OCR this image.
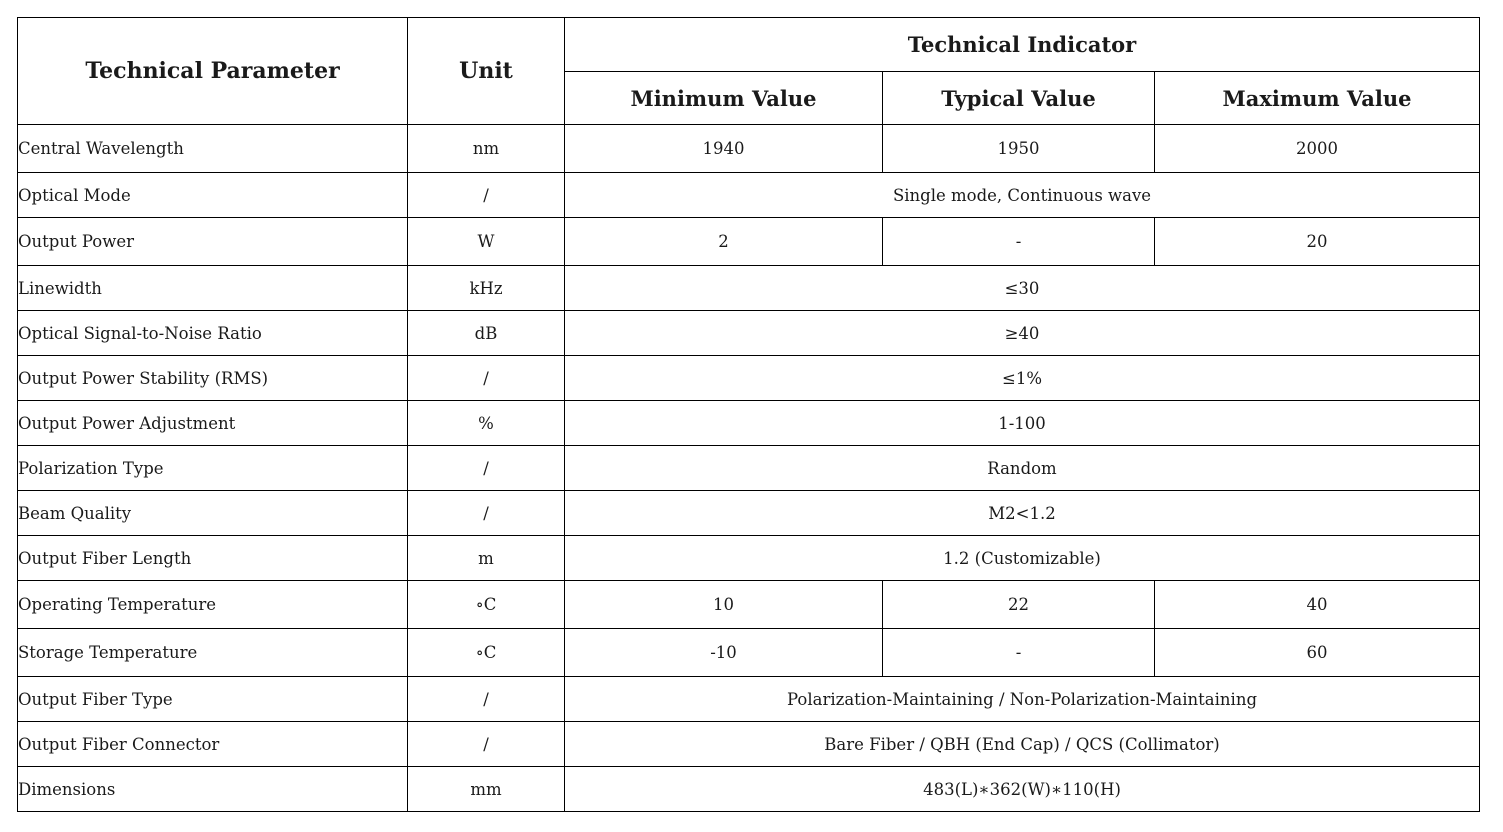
Technical Parameter	Unit	Technical Indicator		
		Minimum Value	Typical Value	Maximum Value
Central Wavelength	nm	1940	1950	2000
Optical Mode	/	Single mode, Continuous wave		
Output Power	W	2	-	20
Linewidth	kHz	≤30		
Optical Signal-to-Noise Ratio	dB	≥40		
Output Power Stability (RMS)	/	≤1%		
Output Power Adjustment	%	1-100		
Polarization Type	/	Random		
Beam Quality	/	M2<1.2		
Output Fiber Length	m	1.2 (Customizable)		
Operating Temperature	∘C	10	22	40
Storage Temperature	∘C	-10	-	60
Output Fiber Type	/	Polarization-Maintaining / Non-Polarization-Maintaining		
Output Fiber Connector	/	Bare Fiber / QBH (End Cap) / QCS (Collimator)		
Dimensions	mm	483(L)∗362(W)∗110(H)		
